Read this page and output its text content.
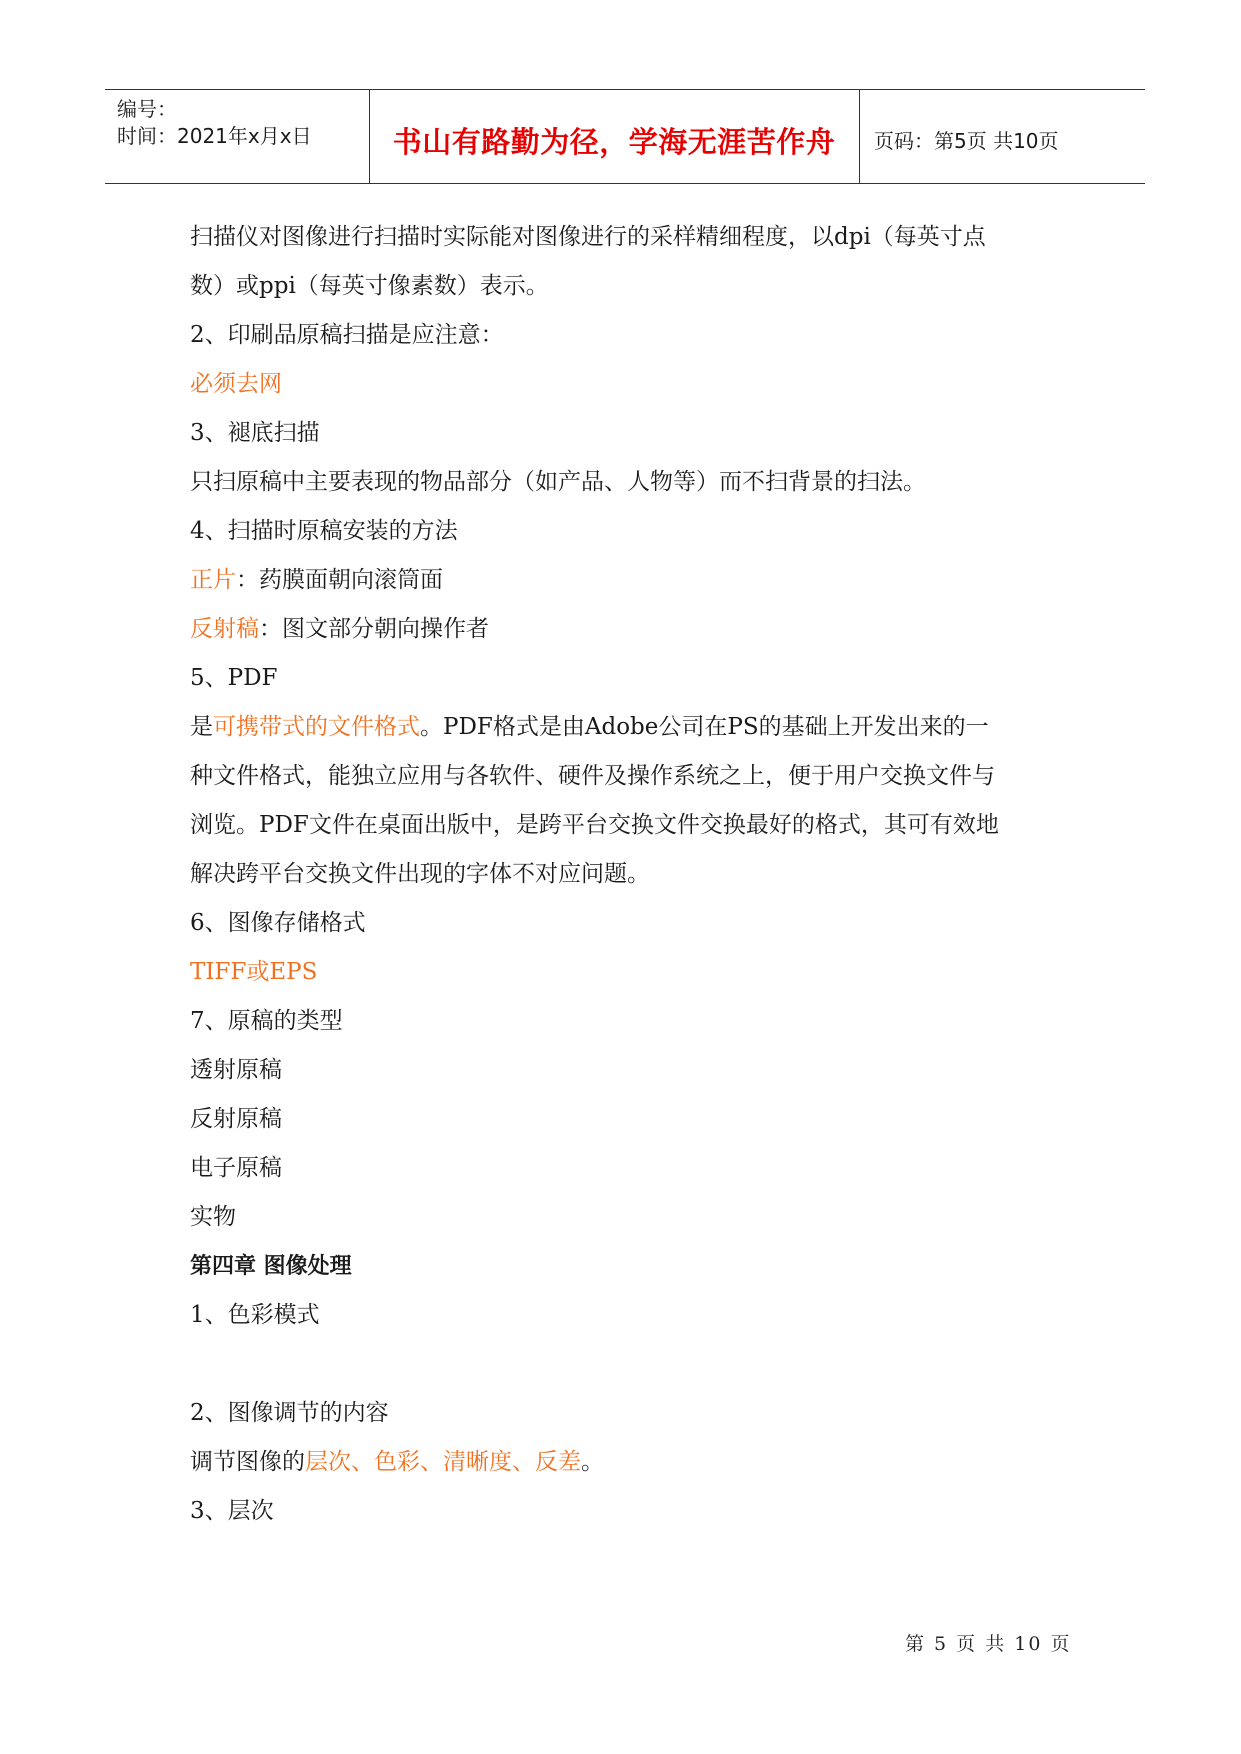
编号：
时间：2021年x月x日	书山有路勤为径，学海无涯苦作舟	页码：第5页 共10页
扫描仪对图像进行扫描时实际能对图像进行的采样精细程度，以dpi（每英寸点
数）或ppi（每英寸像素数）表示。
2、印刷品原稿扫描是应注意：
必须去网
3、褪底扫描
只扫原稿中主要表现的物品部分（如产品、人物等）而不扫背景的扫法。
4、扫描时原稿安装的方法
正片：药膜面朝向滚筒面
反射稿：图文部分朝向操作者
5、PDF
是可携带式的文件格式。PDF格式是由Adobe公司在PS的基础上开发出来的一
种文件格式，能独立应用与各软件、硬件及操作系统之上，便于用户交换文件与
浏览。PDF文件在桌面出版中，是跨平台交换文件交换最好的格式，其可有效地
解决跨平台交换文件出现的字体不对应问题。
6、图像存储格式
TIFF或EPS
7、原稿的类型
透射原稿
反射原稿
电子原稿
实物
第四章 图像处理
1、色彩模式
2、图像调节的内容
调节图像的层次、色彩、清晰度、反差。
3、层次
第 5 页 共 10 页
